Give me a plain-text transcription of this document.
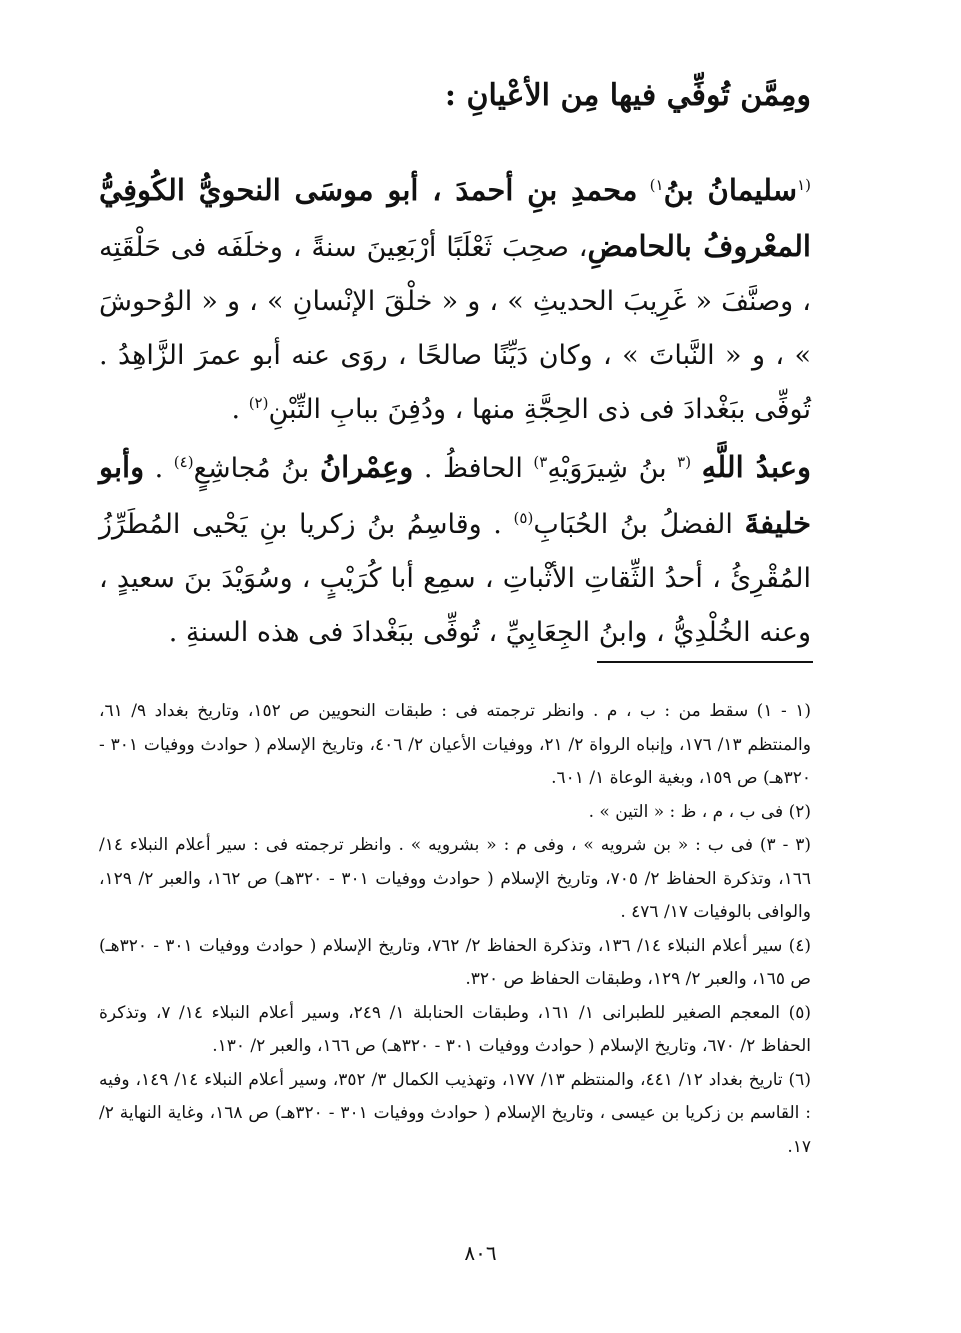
ومِمَّن تُوفِّي فيها مِن الأعْيانِ :

$^{(١}$سليمانُ بنُ$^{١)}$ محمدِ بنِ أحمدَ ، أبو موسَى النحويُّ الكُوفِيُّ المعْروفُ بالحامضِ، صحِبَ ثَعْلَبًا أرْبَعِينَ سنةً ، وخلَفَه فى حَلْقَتِه ، وصنَّفَ « غَرِيبَ الحديثِ » ، و « خلْقَ الإنْسانِ » ، و « الوُحوشَ » ، و « النَّباتَ » ، وكان دَيِّنًا صالحًا ، روَى عنه أبو عمرَ الزَّاهِدُ . تُوفِّى ببَغْدادَ فى ذى الحِجَّةِ منها ، ودُفِنَ ببابِ التِّبْنِ$^{(٢)}$ .

وعبدُ اللَّهِ $^{(٣}$ بنُ شِيرَوَيْهِ$^{٣)}$ الحافظُ . وعِمْرانُ بنُ مُجاشِعٍ$^{(٤)}$ . وأبو خليفةَ الفضلُ بنُ الحُبَابِ$^{(٥)}$ . وقاسِمُ بنُ زكريا بنِ يَحْيى المُطَرِّزُ المُقْرِئُ ، أحدُ الثِّقاتِ الأثْباتِ ، سمِع أبا كُرَيْبٍ ، وسُوَيْدَ بنَ سعيدٍ ، وعنه الخُلْدِيُّ ، وابنُ الجِعَابِيِّ ، تُوفِّى ببَغْدادَ فى هذه السنةِ .

(١ - ١) سقط من : ب ، م . وانظر ترجمته فى : طبقات النحويين ص ١٥٢، وتاريخ بغداد ٩/ ٦١، والمنتظم ١٣/ ١٧٦، وإنباه الرواة ٢/ ٢١، ووفيات الأعيان ٢/ ٤٠٦، وتاريخ الإسلام ( حوادث ووفيات ٣٠١ - ٣٢٠هـ) ص ١٥٩، وبغية الوعاة ١/ ٦٠١.

(٢) فى ب ، م ، ظ : « التين » .

(٣ - ٣) فى ب : « بن شرويه » ، وفى م : « بشرويه » . وانظر ترجمته فى : سير أعلام النبلاء ١٤/ ١٦٦، وتذكرة الحفاظ ٢/ ٧٠٥، وتاريخ الإسلام ( حوادث ووفيات ٣٠١ - ٣٢٠هـ) ص ١٦٢، والعبر ٢/ ١٢٩، والوافى بالوفيات ١٧/ ٤٧٦ .

(٤) سير أعلام النبلاء ١٤/ ١٣٦، وتذكرة الحفاظ ٢/ ٧٦٢، وتاريخ الإسلام ( حوادث ووفيات ٣٠١ - ٣٢٠هـ) ص ١٦٥، والعبر ٢/ ١٢٩، وطبقات الحفاظ ص ٣٢٠.

(٥) المعجم الصغير للطبرانى ١/ ١٦١، وطبقات الحنابلة ١/ ٢٤٩، وسير أعلام النبلاء ١٤/ ٧، وتذكرة الحفاظ ٢/ ٦٧٠، وتاريخ الإسلام ( حوادث ووفيات ٣٠١ - ٣٢٠هـ) ص ١٦٦، والعبر ٢/ ١٣٠.

(٦) تاريخ بغداد ١٢/ ٤٤١، والمنتظم ١٣/ ١٧٧، وتهذيب الكمال ٣/ ٣٥٢، وسير أعلام النبلاء ١٤/ ١٤٩، وفيه : القاسم بن زكريا بن عيسى ، وتاريخ الإسلام ( حوادث ووفيات ٣٠١ - ٣٢٠هـ) ص ١٦٨، وغاية النهاية ٢/ ١٧.

٨٠٦
